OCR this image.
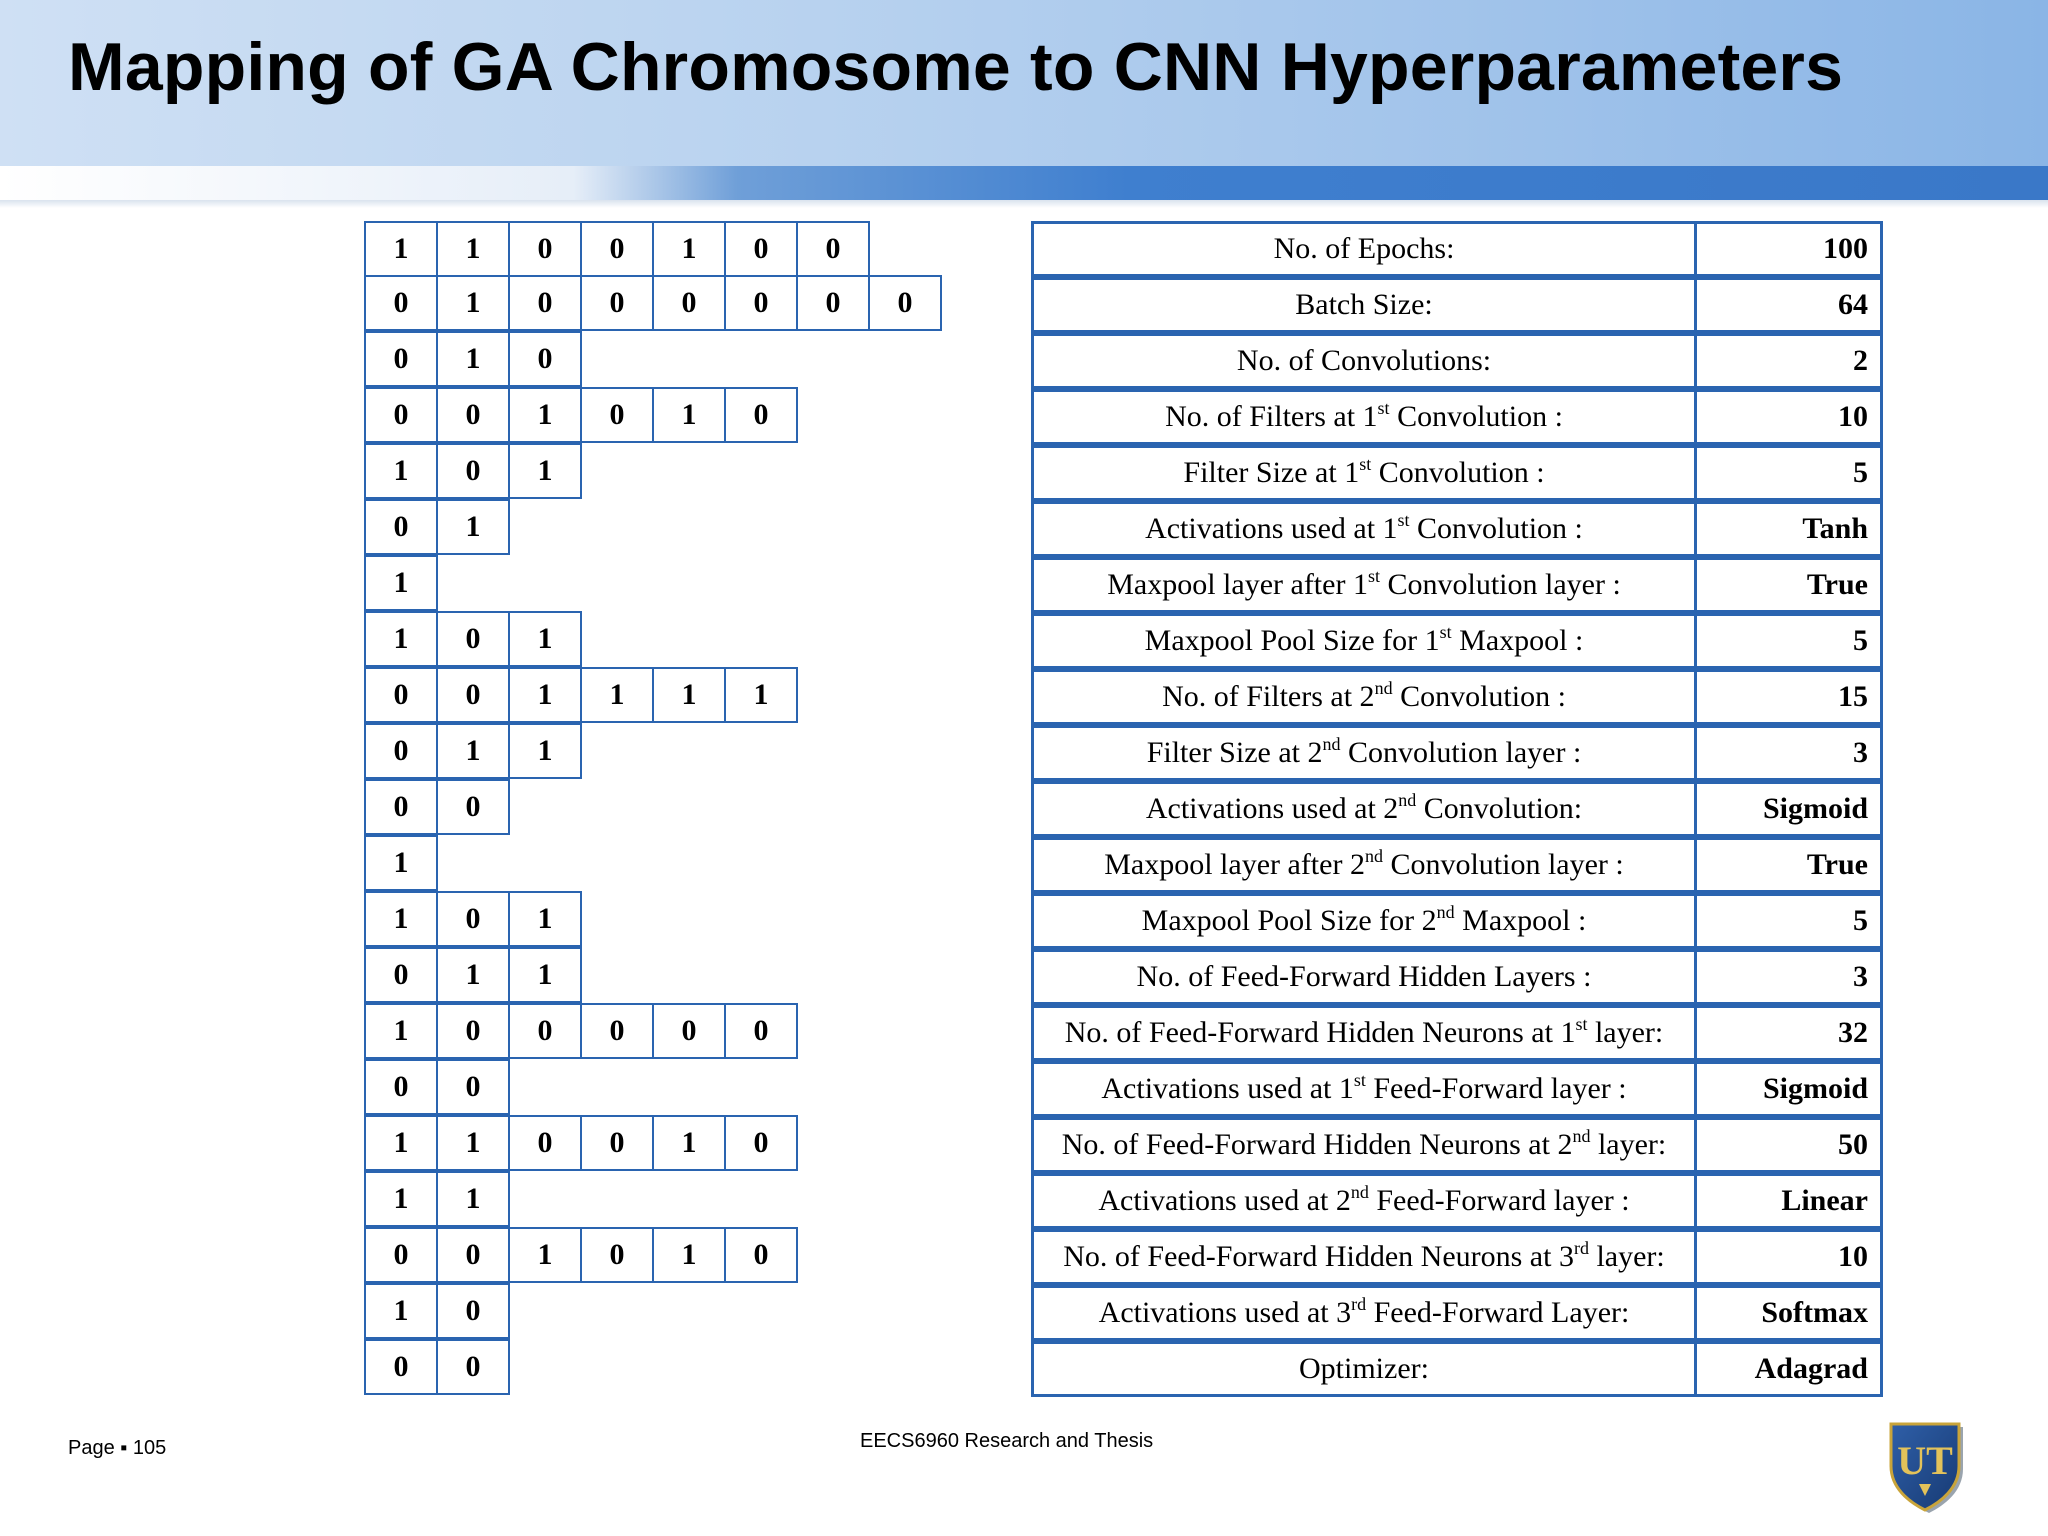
Mapping of GA Chromosome to CNN Hyperparameters
1	1	0	0	1	0	0
0	1	0	0	0	0	0	0
0	1	0
0	0	1	0	1	0
1	0	1
0	1
1
1	0	1
0	0	1	1	1	1
0	1	1
0	0
1
1	0	1
0	1	1
1	0	0	0	0	0
0	0
1	1	0	0	1	0
1	1
0	0	1	0	1	0
1	0
0	0
No. of Epochs:	100
Batch Size:	64
No. of Convolutions:	2
No. of Filters at 1st Convolution :	10
Filter Size at 1st Convolution :	5
Activations used at 1st Convolution :	Tanh
Maxpool layer after 1st Convolution layer :	True
Maxpool Pool Size for 1st Maxpool :	5
No. of Filters at 2nd Convolution :	15
Filter Size at 2nd Convolution layer :	3
Activations used at 2nd Convolution:	Sigmoid
Maxpool layer after 2nd Convolution layer :	True
Maxpool Pool Size for 2nd Maxpool :	5
No. of Feed-Forward Hidden Layers :	3
No. of Feed-Forward Hidden Neurons at 1st layer:	32
Activations used at 1st Feed-Forward layer :	Sigmoid
No. of Feed-Forward Hidden Neurons at 2nd layer:	50
Activations used at 2nd Feed-Forward layer :	Linear
No. of Feed-Forward Hidden Neurons at 3rd layer:	10
Activations used at 3rd Feed-Forward Layer:	Softmax
Optimizer:	Adagrad
Page ▪ 105	EECS6960 Research and Thesis	UT
